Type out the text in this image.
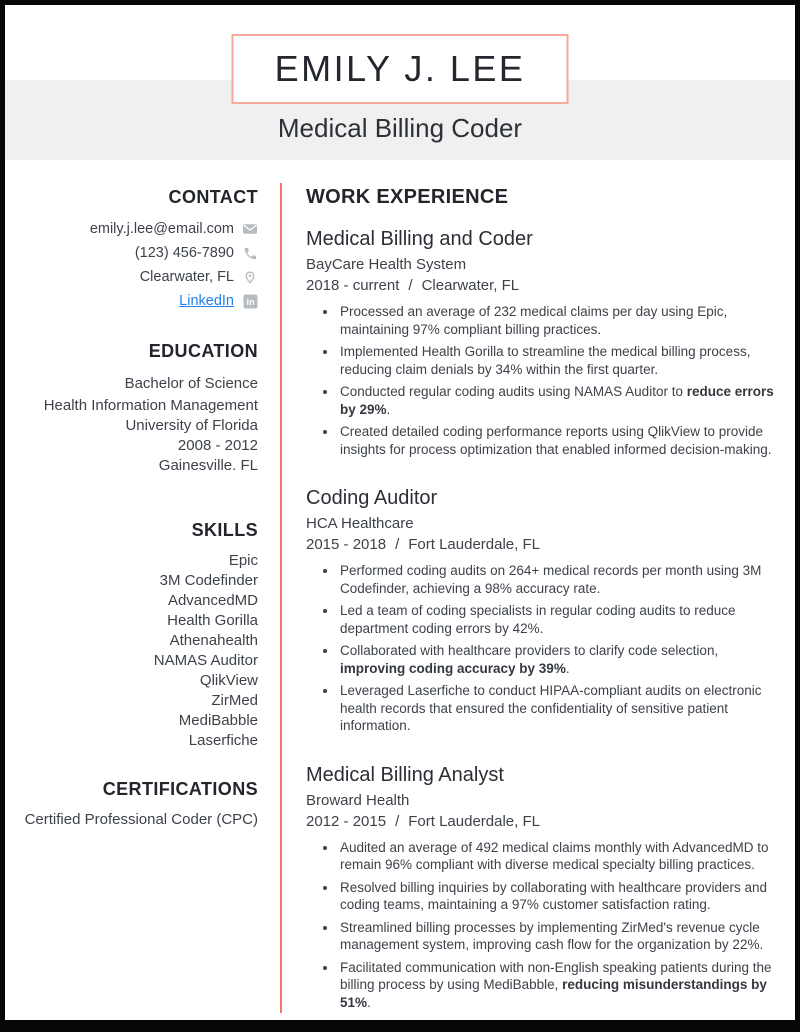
EMILY J. LEE
Medical Billing Coder
CONTACT
emily.j.lee@email.com
(123) 456-7890
Clearwater, FL
LinkedIn in
EDUCATION
Bachelor of Science
Health Information Management
University of Florida
2008 - 2012
Gainesville. FL
SKILLS
Epic
3M Codefinder
AdvancedMD
Health Gorilla
Athenahealth
NAMAS Auditor
QlikView
ZirMed
MediBabble
Laserfiche
CERTIFICATIONS
Certified Professional Coder (CPC)
WORK EXPERIENCE
Medical Billing and Coder
BayCare Health System
2018 - current / Clearwater, FL
• Processed an average of 232 medical claims per day using Epic, maintaining 97% compliant billing practices.
• Implemented Health Gorilla to streamline the medical billing process, reducing claim denials by 34% within the first quarter.
• Conducted regular coding audits using NAMAS Auditor to reduce errors by 29%.
• Created detailed coding performance reports using QlikView to provide insights for process optimization that enabled informed decision-making.
Coding Auditor
HCA Healthcare
2015 - 2018 / Fort Lauderdale, FL
• Performed coding audits on 264+ medical records per month using 3M Codefinder, achieving a 98% accuracy rate.
• Led a team of coding specialists in regular coding audits to reduce department coding errors by 42%.
• Collaborated with healthcare providers to clarify code selection, improving coding accuracy by 39%.
• Leveraged Laserfiche to conduct HIPAA-compliant audits on electronic health records that ensured the confidentiality of sensitive patient information.
Medical Billing Analyst
Broward Health
2012 - 2015 / Fort Lauderdale, FL
• Audited an average of 492 medical claims monthly with AdvancedMD to remain 96% compliant with diverse medical specialty billing practices.
• Resolved billing inquiries by collaborating with healthcare providers and coding teams, maintaining a 97% customer satisfaction rating.
• Streamlined billing processes by implementing ZirMed's revenue cycle management system, improving cash flow for the organization by 22%.
• Facilitated communication with non-English speaking patients during the billing process by using MediBabble, reducing misunderstandings by 51%.
